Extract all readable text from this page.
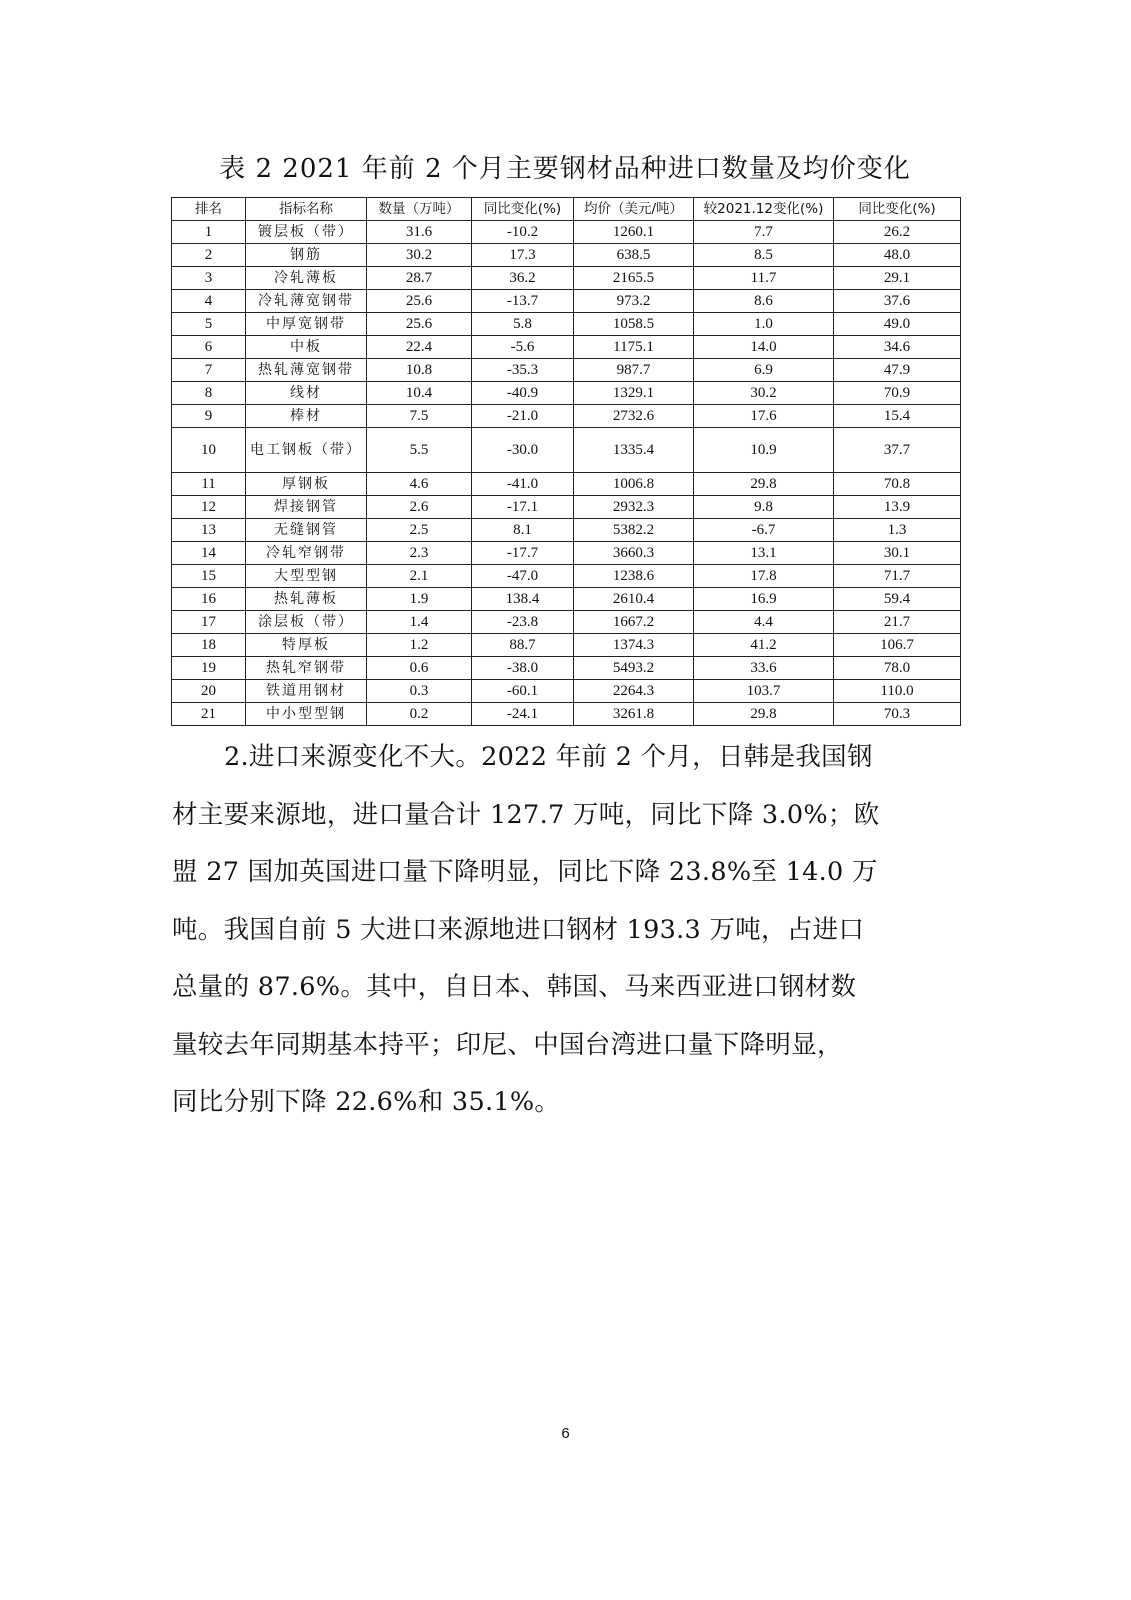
表 2 2021 年前 2 个月主要钢材品种进口数量及均价变化
排名	指标名称	数量（万吨）	同比变化(%)	均价（美元/吨）	较2021.12变化(%)	同比变化(%)
1	镀层板（带）	31.6	-10.2	1260.1	7.7	26.2
2	钢筋	30.2	17.3	638.5	8.5	48.0
3	冷轧薄板	28.7	36.2	2165.5	11.7	29.1
4	冷轧薄宽钢带	25.6	-13.7	973.2	8.6	37.6
5	中厚宽钢带	25.6	5.8	1058.5	1.0	49.0
6	中板	22.4	-5.6	1175.1	14.0	34.6
7	热轧薄宽钢带	10.8	-35.3	987.7	6.9	47.9
8	线材	10.4	-40.9	1329.1	30.2	70.9
9	棒材	7.5	-21.0	2732.6	17.6	15.4
10	电工钢板（带）	5.5	-30.0	1335.4	10.9	37.7
11	厚钢板	4.6	-41.0	1006.8	29.8	70.8
12	焊接钢管	2.6	-17.1	2932.3	9.8	13.9
13	无缝钢管	2.5	8.1	5382.2	-6.7	1.3
14	冷轧窄钢带	2.3	-17.7	3660.3	13.1	30.1
15	大型型钢	2.1	-47.0	1238.6	17.8	71.7
16	热轧薄板	1.9	138.4	2610.4	16.9	59.4
17	涂层板（带）	1.4	-23.8	1667.2	4.4	21.7
18	特厚板	1.2	88.7	1374.3	41.2	106.7
19	热轧窄钢带	0.6	-38.0	5493.2	33.6	78.0
20	铁道用钢材	0.3	-60.1	2264.3	103.7	110.0
21	中小型型钢	0.2	-24.1	3261.8	29.8	70.3
2.进口来源变化不大。2022 年前 2 个月，日韩是我国钢
材主要来源地，进口量合计 127.7 万吨，同比下降 3.0%；欧
盟 27 国加英国进口量下降明显，同比下降 23.8%至 14.0 万
吨。我国自前 5 大进口来源地进口钢材 193.3 万吨，占进口
总量的 87.6%。其中，自日本、韩国、马来西亚进口钢材数
量较去年同期基本持平；印尼、中国台湾进口量下降明显，
同比分别下降 22.6%和 35.1%。
6
